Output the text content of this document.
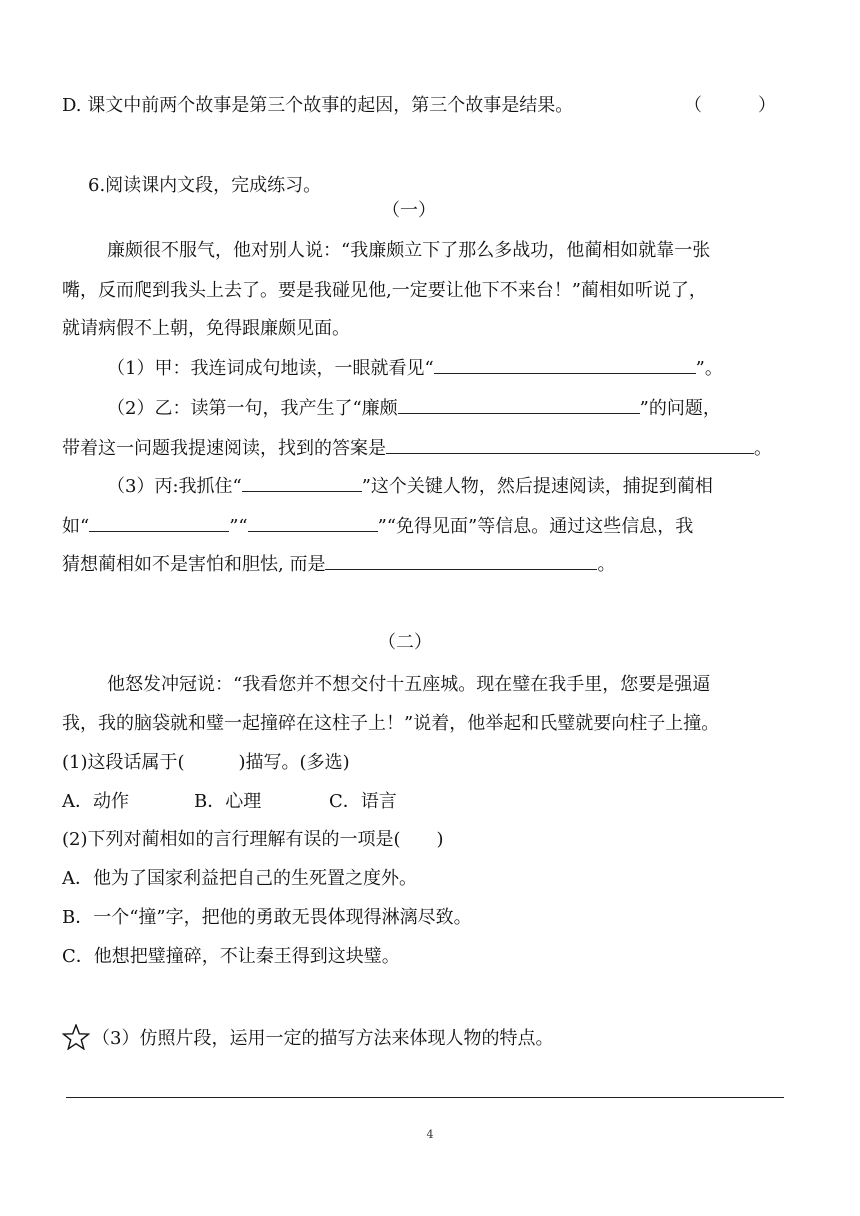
D. 课文中前两个故事是第三个故事的起因，第三个故事是结果。	（	）
6.阅读课内文段，完成练习。
（一）
廉颇很不服气，他对别人说：“我廉颇立下了那么多战功，他蔺相如就靠一张
嘴，反而爬到我头上去了。要是我碰见他,一定要让他下不来台！”蔺相如听说了，
就请病假不上朝，免得跟廉颇见面。
（1）甲：我连词成句地读，一眼就看见“	”。
（2）乙：读第一句，我产生了“廉颇	”的问题，
带着这一问题我提速阅读，找到的答案是	。
（3）丙:我抓住“	”这个关键人物，然后提速阅读，捕捉到蔺相
如“	”“	”“免得见面”等信息。通过这些信息，我
猜想蔺相如不是害怕和胆怯, 而是	。
（二）
他怒发冲冠说：“我看您并不想交付十五座城。现在璧在我手里，您要是强逼
我，我的脑袋就和璧一起撞碎在这柱子上！”说着，他举起和氏璧就要向柱子上撞。
(1)这段话属于(　　　)描写。(多选)
A．动作	B．心理	C．语言
(2)下列对蔺相如的言行理解有误的一项是(　　)
A．他为了国家利益把自己的生死置之度外。
B．一个“撞”字，把他的勇敢无畏体现得淋漓尽致。
C．他想把璧撞碎，不让秦王得到这块璧。
（3）仿照片段，运用一定的描写方法来体现人物的特点。
4
